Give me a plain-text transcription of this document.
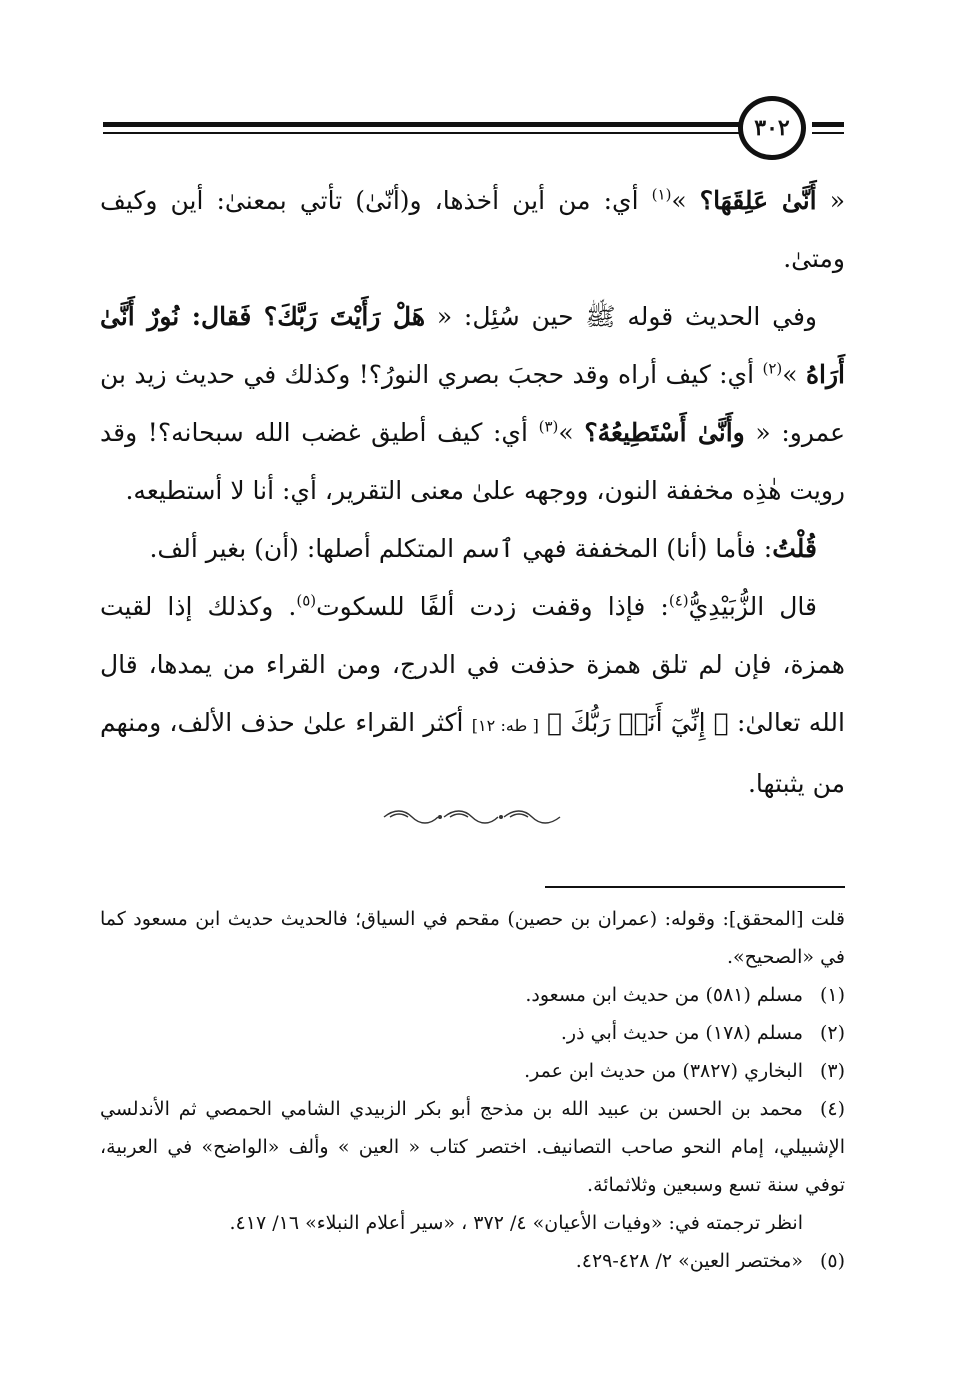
٣٠٢

« أَنَّىٰ عَلِقَهَا؟ »$^{(١)}$ أي: من أين أخذها، و(أنّىٰ) تأتي بمعنىٰ: أين وكيف ومتىٰ.

وفي الحديث قوله ﷺ حين سُئِل: « هَلْ رَأَيْتَ رَبَّكَ؟ فَقال: نُورٌ أَنَّىٰ أَرَاهُ »$^{(٢)}$ أي: كيف أراه وقد حجبَ بصري النورُ؟! وكذلك في حديث زيد بن عمرو: « وأَنَّىٰ أَسْتَطِيعُهُ؟ »$^{(٣)}$ أي: كيف أطيق غضب الله سبحانه؟! وقد رويت هٰذِه مخففة النون، ووجهه علىٰ معنى التقرير، أي: أنا لا أستطيعه.

قُلْتُ: فأما (أنا) المخففة فهي ٱسم المتكلم أصلها: (أن) بغير ألف.

قال الزُّبَيْدِيُّ$^{(٤)}$: فإذا وقفت زدت ألفًا للسكوت$^{(٥)}$. وكذلك إذا لقيت همزة، فإن لم تلق همزة حذفت في الدرج، ومن القراء من يمدها، قال الله تعالىٰ: ﴿ إِنِّيٓ أَنَا۠ رَبُّكَ ﴾ [ طه: ١٢] أكثر القراء علىٰ حذف الألف، ومنهم من يثبتها.

قلت [المحقق]: وقوله: (عمران بن حصين) مقحم في السياق؛ فالحديث حديث ابن مسعود كما في «الصحيح».

(١)مسلم (٥٨١) من حديث ابن مسعود.

(٢)مسلم (١٧٨) من حديث أبي ذر.

(٣)البخاري (٣٨٢٧) من حديث ابن عمر.

(٤)محمد بن الحسن بن عبيد الله بن مذحج أبو بكر الزبيدي الشامي الحمصي ثم الأندلسي الإشبيلي، إمام النحو صاحب التصانيف. اختصر كتاب « العين » وألف «الواضح» في العربية، توفي سنة تسع وسبعين وثلاثمائة.

انظر ترجمته في: «وفيات الأعيان» ٤/ ٣٧٢ ، «سير أعلام النبلاء» ١٦/ ٤١٧.

(٥)«مختصر العين» ٢/ ٤٢٨-٤٢٩.
